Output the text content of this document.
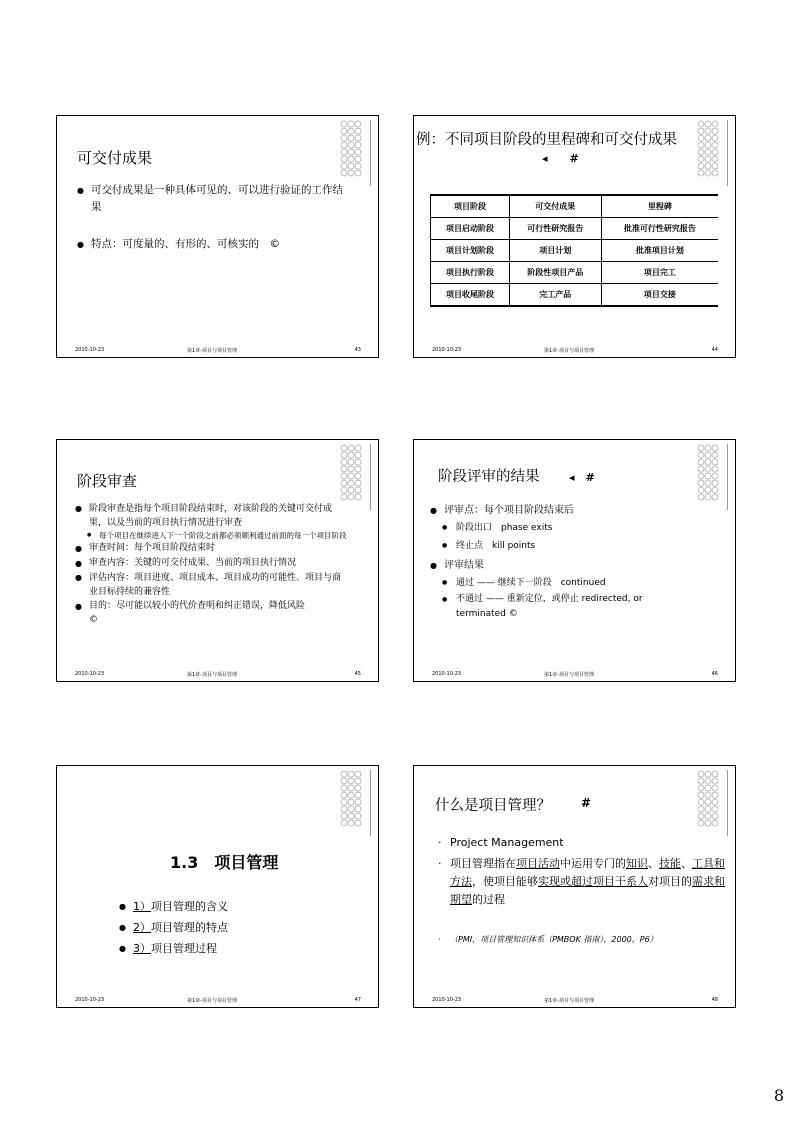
可交付成果
● 可交付成果是一种具体可见的、可以进行验证的工作结果
● 特点：可度量的、有形的、可核实的　©
2010-10-23	第1章-项目与项目管理	43
例：不同项目阶段的里程碑和可交付成果
◂　　#
项目阶段	可交付成果	里程碑
项目启动阶段	可行性研究报告	批准可行性研究报告
项目计划阶段	项目计划	批准项目计划
项目执行阶段	阶段性项目产品	项目完工
项目收尾阶段	完工产品	项目交接
2010-10-23	第1章-项目与项目管理	44
阶段审查
● 阶段审查是指每个项目阶段结束时，对该阶段的关键可交付成果，以及当前的项目执行情况进行审查
● 每个项目在继续进入下一个阶段之前都必须顺利通过前面的每一个项目阶段
● 审查时间：每个项目阶段结束时
● 审查内容：关键的可交付成果、当前的项目执行情况
● 评估内容：项目进度、项目成本、项目成功的可能性、项目与商业目标持续的兼容性
● 目的：尽可能以较小的代价查明和纠正错误，降低风险
©
2010-10-23	第1章-项目与项目管理	45
阶段评审的结果	◂　#
● 评审点：每个项目阶段结束后
● 阶段出口　phase exits
● 终止点　kill points
● 评审结果
● 通过 —— 继续下一阶段　continued
● 不通过 —— 重新定位，或停止 redirected, or terminated ©
2010-10-23	第1章-项目与项目管理	46
1.3　项目管理
● 1）项目管理的含义
● 2）项目管理的特点
● 3）项目管理过程
2010-10-23	第1章-项目与项目管理	47
什么是项目管理？	#
· Project Management
· 项目管理指在项目活动中运用专门的知识、技能、工具和方法，使项目能够实现或超过项目干系人对项目的需求和期望的过程
· （PMI，项目管理知识体系（PMBOK 指南），2000，P6）
2010-10-23	第1章-项目与项目管理	48
8
